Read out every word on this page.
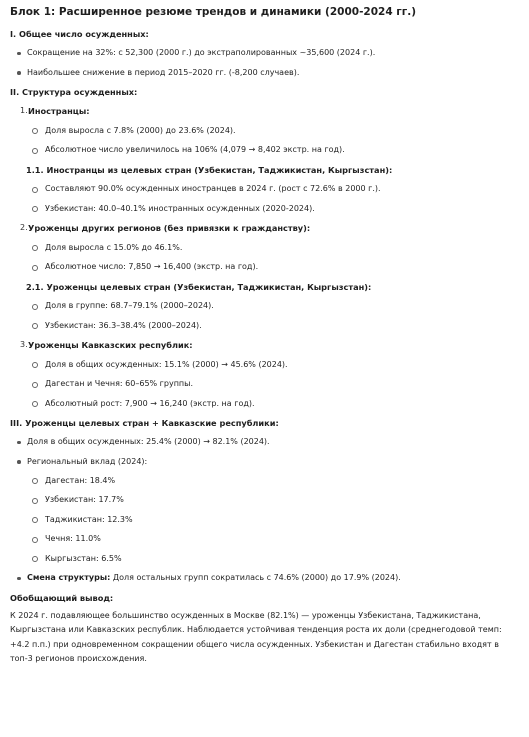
Блок 1: Расширенное резюме трендов и динамики (2000-2024 гг.)
I. Общее число осужденных:
Сокращение на 32%: с 52,300 (2000 г.) до экстраполированных ~35,600 (2024 г.).
Наибольшее снижение в период 2015–2020 гг. (-8,200 случаев).
II. Структура осужденных:
1. Иностранцы:
Доля выросла с 7.8% (2000) до 23.6% (2024).
Абсолютное число увеличилось на 106% (4,079 → 8,402 экстр. на год).
1.1. Иностранцы из целевых стран (Узбекистан, Таджикистан, Кыргызстан):
Составляют 90.0% осужденных иностранцев в 2024 г. (рост с 72.6% в 2000 г.).
Узбекистан: 40.0–40.1% иностранных осужденных (2020-2024).
2. Уроженцы других регионов (без привязки к гражданству):
Доля выросла с 15.0% до 46.1%.
Абсолютное число: 7,850 → 16,400 (экстр. на год).
2.1. Уроженцы целевых стран (Узбекистан, Таджикистан, Кыргызстан):
Доля в группе: 68.7–79.1% (2000–2024).
Узбекистан: 36.3–38.4% (2000–2024).
3. Уроженцы Кавказских республик:
Доля в общих осужденных: 15.1% (2000) → 45.6% (2024).
Дагестан и Чечня: 60–65% группы.
Абсолютный рост: 7,900 → 16,240 (экстр. на год).
III. Уроженцы целевых стран + Кавказские республики:
Доля в общих осужденных: 25.4% (2000) → 82.1% (2024).
Региональный вклад (2024):
Дагестан: 18.4%
Узбекистан: 17.7%
Таджикистан: 12.3%
Чечня: 11.0%
Кыргызстан: 6.5%
Смена структуры: Доля остальных групп сократилась с 74.6% (2000) до 17.9% (2024).
Обобщающий вывод:

К 2024 г. подавляющее большинство осужденных в Москве (82.1%) — уроженцы Узбекистана, Таджикистана, Кыргызстана или Кавказских республик. Наблюдается устойчивая тенденция роста их доли (среднегодовой темп: +4.2 п.п.) при одновременном сокращении общего числа осужденных. Узбекистан и Дагестан стабильно входят в топ-3 регионов происхождения.
